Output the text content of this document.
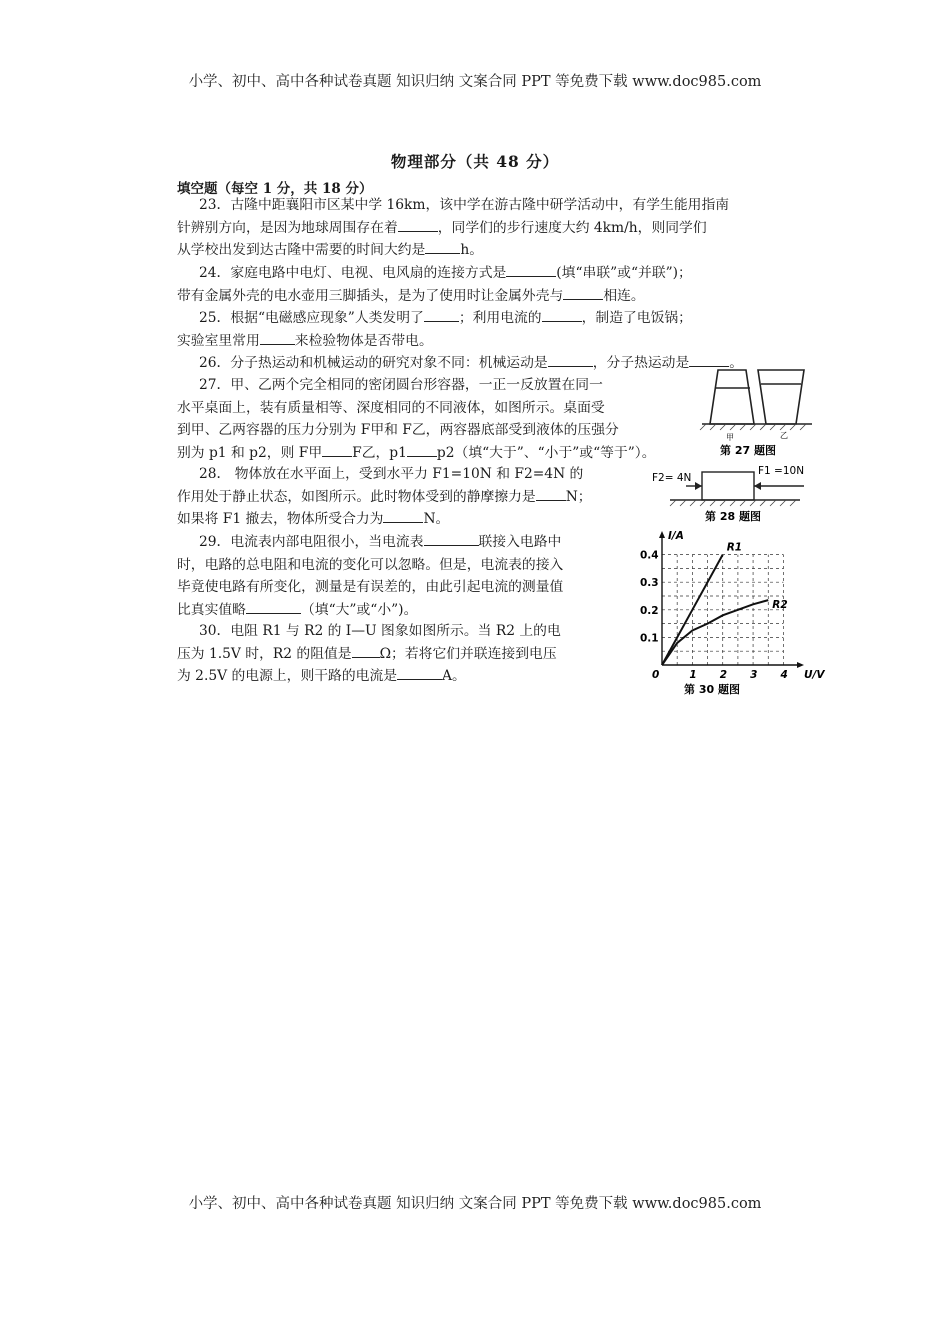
小学、初中、高中各种试卷真题 知识归纳 文案合同 PPT 等免费下载 www.doc985.com
物理部分（共 48 分）
填空题（每空 1 分，共 18 分）
23．古隆中距襄阳市区某中学 16km，该中学在游古隆中研学活动中，有学生能用指南
针辨别方向，是因为地球周围存在着	，同学们的步行速度大约 4km/h，则同学们
从学校出发到达古隆中需要的时间大约是	h。
24．家庭电路中电灯、电视、电风扇的连接方式是	(填“串联”或“并联”)；
带有金属外壳的电水壶用三脚插头，是为了使用时让金属外壳与	相连。
25．根据“电磁感应现象”人类发明了	；利用电流的	，制造了电饭锅；
实验室里常用	来检验物体是否带电。
26．分子热运动和机械运动的研究对象不同：机械运动是	，分子热运动是	。
27．甲、乙两个完全相同的密闭圆台形容器，一正一反放置在同一
水平桌面上，装有质量相等、深度相同的不同液体，如图所示。桌面受
到甲、乙两容器的压力分别为 F甲和 F乙，两容器底部受到液体的压强分
别为 p1 和 p2，则 F甲 F乙，p1 p2（填“大于”、“小于”或“等于”）。
甲	乙
第 27 题图
28． 物体放在水平面上，受到水平力 F1=10N 和 F2=4N 的
作用处于静止状态，如图所示。此时物体受到的静摩擦力是 N；
如果将 F1 撤去，物体所受合力为	N。
F2= 4N
F1 =10N
第 28 题图
29．电流表内部电阻很小，当电流表	联接入电路中
时，电路的总电阻和电流的变化可以忽略。但是，电流表的接入
毕竟使电路有所变化，测量是有误差的，由此引起电流的测量值
比真实值略	（填“大”或“小”)。
30．电阻 R1 与 R2 的 I—U 图象如图所示。当 R2 上的电
压为 1.5V 时，R2 的阻值是 Ω；若将它们并联连接到电压
为 2.5V 的电源上，则干路的电流是	A。	0	1 2 3 4
0.1
0.2
0.3
0.4
U/V
I/A
R1
R2
第 30 题图
小学、初中、高中各种试卷真题 知识归纳 文案合同 PPT 等免费下载 www.doc985.com
